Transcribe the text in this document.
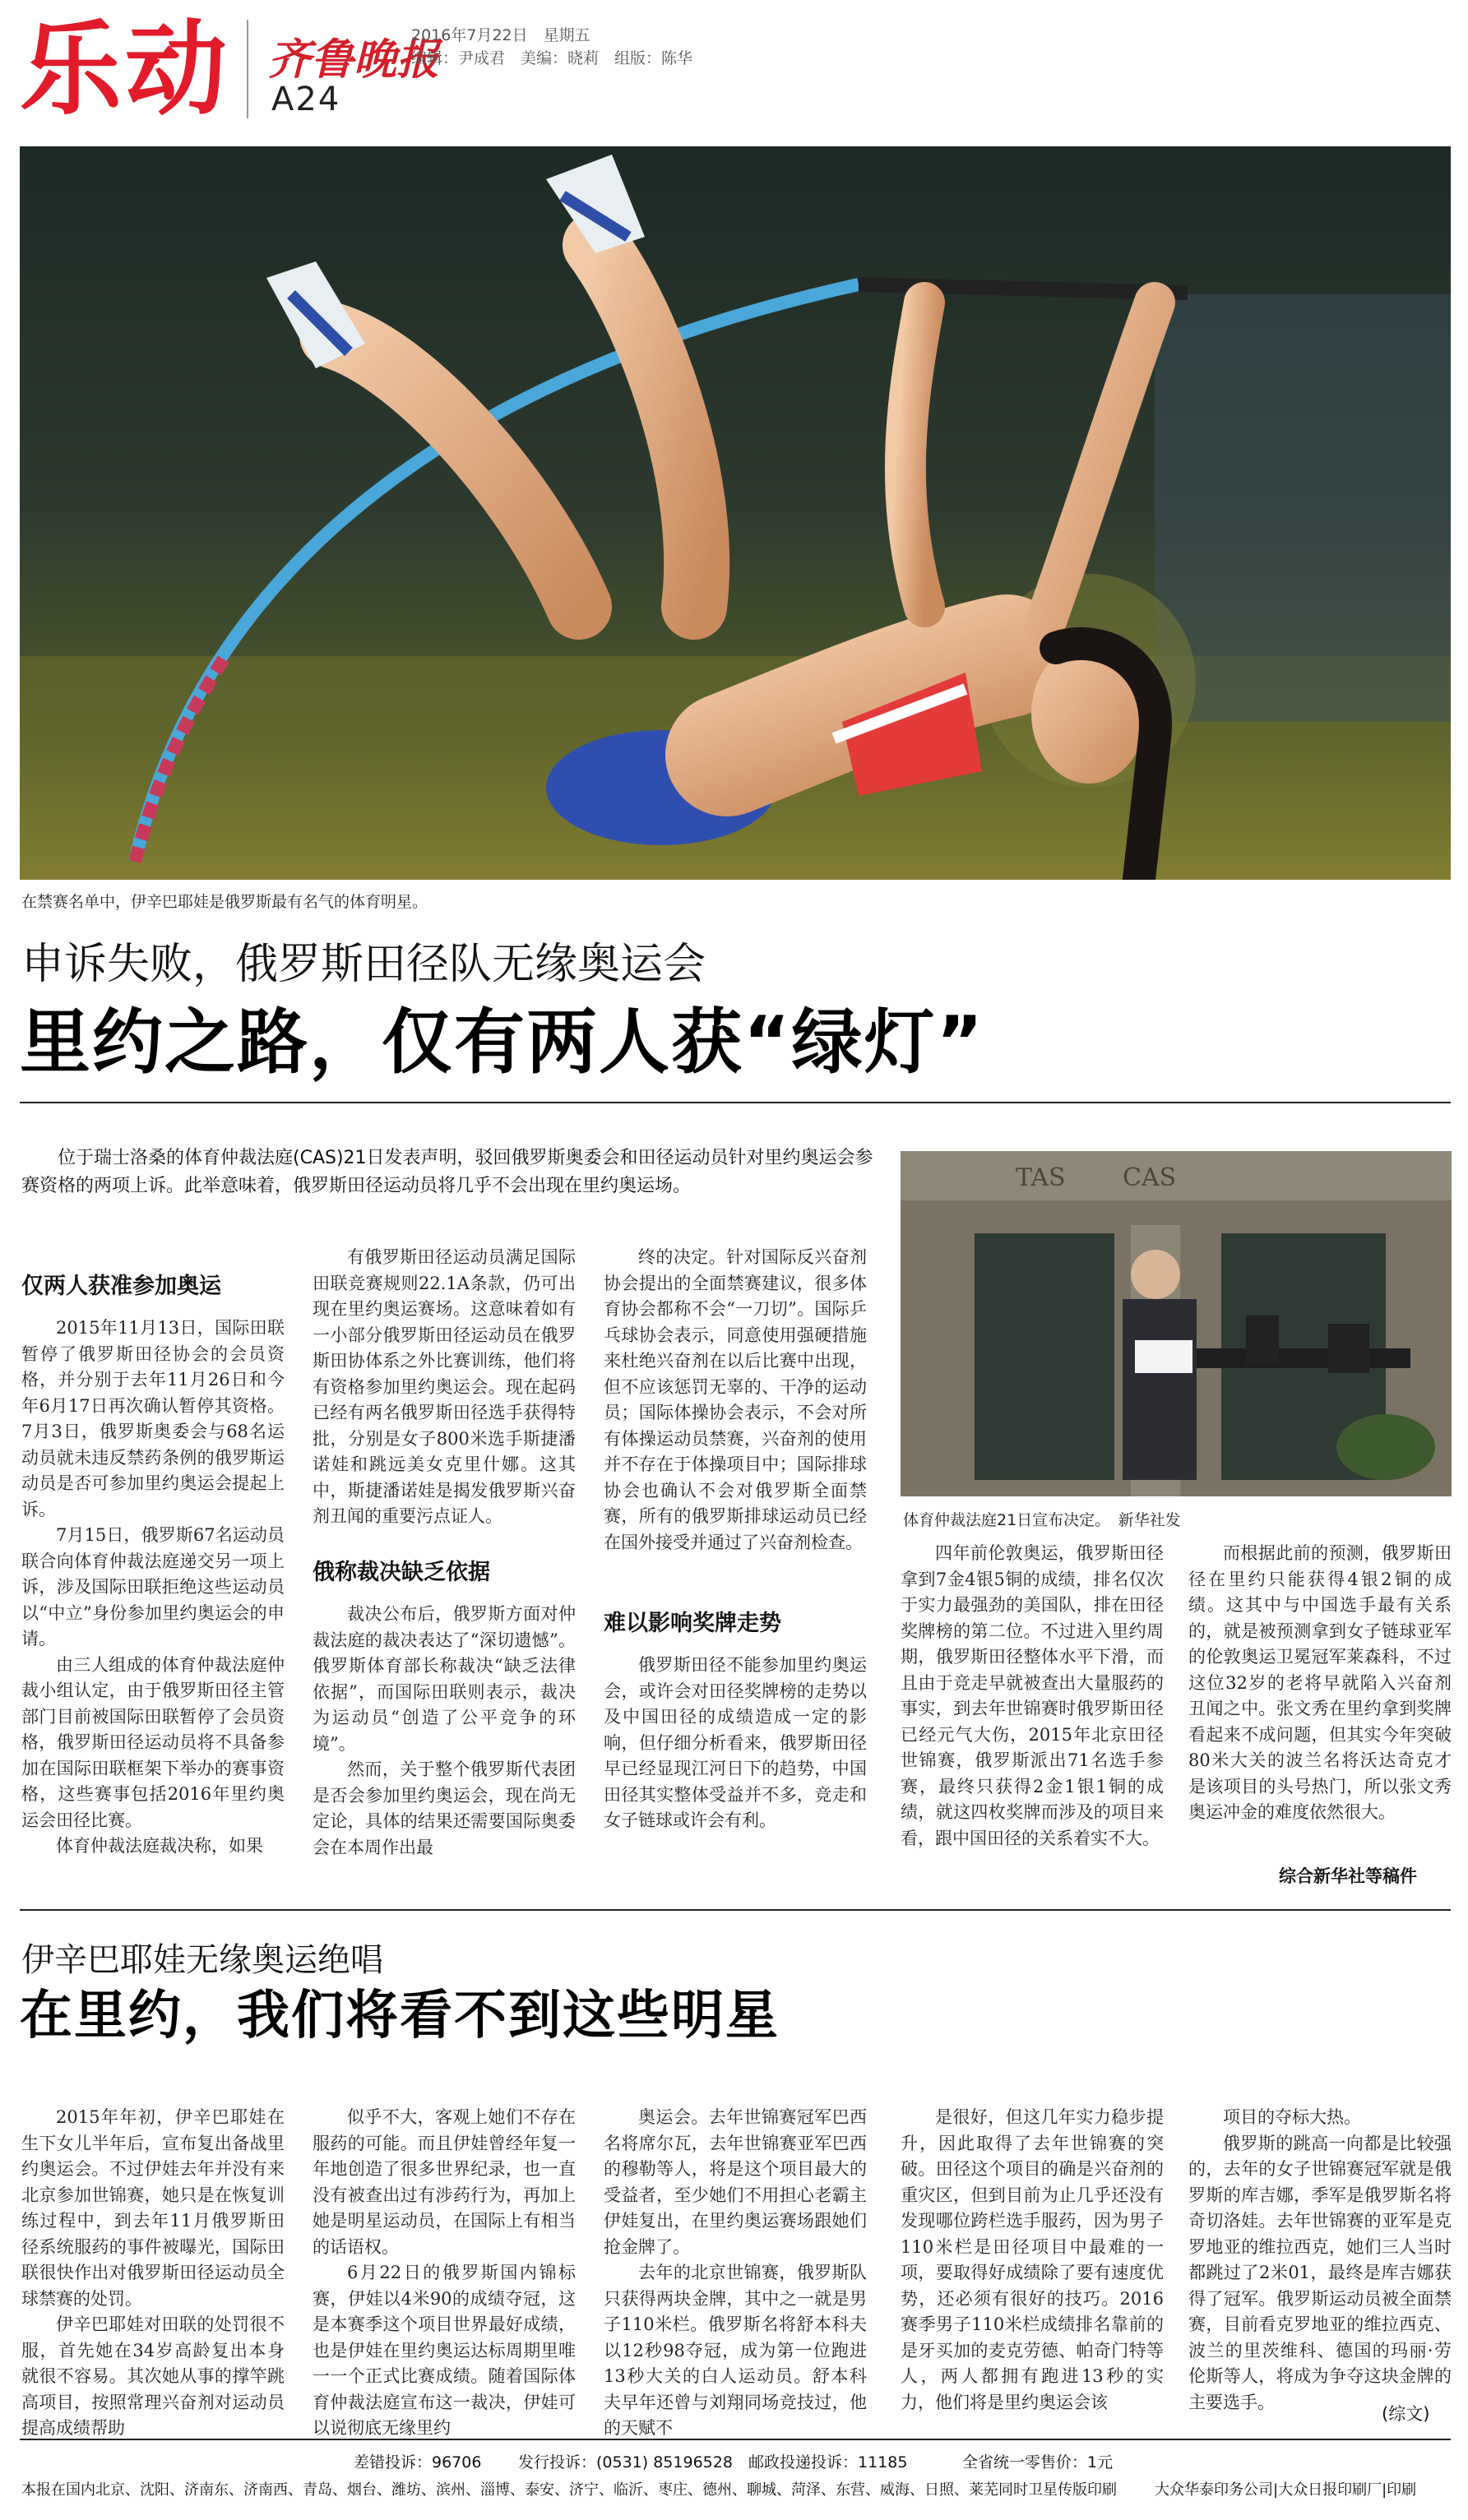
乐动 齐鲁晚报
A24
2016年7月22日　星期五
编辑：尹成君　美编：晓莉　组版：陈华
在禁赛名单中，伊辛巴耶娃是俄罗斯最有名气的体育明星。
申诉失败，俄罗斯田径队无缘奥运会
里约之路，仅有两人获“绿灯”
位于瑞士洛桑的体育仲裁法庭(CAS)21日发表声明，驳回俄罗斯奥委会和田径运动员针对里约奥运会参赛资格的两项上诉。此举意味着，俄罗斯田径运动员将几乎不会出现在里约奥运场。	TAS CAS
体育仲裁法庭21日宣布决定。　新华社发
仅两人获准参加奥运

2015年11月13日，国际田联暂停了俄罗斯田径协会的会员资格，并分别于去年11月26日和今年6月17日再次确认暂停其资格。7月3日，俄罗斯奥委会与68名运动员就未违反禁药条例的俄罗斯运动员是否可参加里约奥运会提起上诉。

7月15日，俄罗斯67名运动员联合向体育仲裁法庭递交另一项上诉，涉及国际田联拒绝这些运动员以“中立”身份参加里约奥运会的申请。

由三人组成的体育仲裁法庭仲裁小组认定，由于俄罗斯田径主管部门目前被国际田联暂停了会员资格，俄罗斯田径运动员将不具备参加在国际田联框架下举办的赛事资格，这些赛事包括2016年里约奥运会田径比赛。

体育仲裁法庭裁决称，如果

有俄罗斯田径运动员满足国际田联竞赛规则22.1A条款，仍可出现在里约奥运赛场。这意味着如有一小部分俄罗斯田径运动员在俄罗斯田协体系之外比赛训练，他们将有资格参加里约奥运会。现在起码已经有两名俄罗斯田径选手获得特批，分别是女子800米选手斯捷潘诺娃和跳远美女克里什娜。这其中，斯捷潘诺娃是揭发俄罗斯兴奋剂丑闻的重要污点证人。

俄称裁决缺乏依据

裁决公布后，俄罗斯方面对仲裁法庭的裁决表达了“深切遗憾”。俄罗斯体育部长称裁决“缺乏法律依据”，而国际田联则表示，裁决为运动员“创造了公平竞争的环境”。

然而，关于整个俄罗斯代表团是否会参加里约奥运会，现在尚无定论，具体的结果还需要国际奥委会在本周作出最

终的决定。针对国际反兴奋剂协会提出的全面禁赛建议，很多体育协会都称不会“一刀切”。国际乒乓球协会表示，同意使用强硬措施来杜绝兴奋剂在以后比赛中出现，但不应该惩罚无辜的、干净的运动员；国际体操协会表示，不会对所有体操运动员禁赛，兴奋剂的使用并不存在于体操项目中；国际排球协会也确认不会对俄罗斯全面禁赛，所有的俄罗斯排球运动员已经在国外接受并通过了兴奋剂检查。

难以影响奖牌走势

俄罗斯田径不能参加里约奥运会，或许会对田径奖牌榜的走势以及中国田径的成绩造成一定的影响，但仔细分析看来，俄罗斯田径早已经显现江河日下的趋势，中国田径其实整体受益并不多，竞走和女子链球或许会有利。

四年前伦敦奥运，俄罗斯田径拿到7金4银5铜的成绩，排名仅次于实力最强劲的美国队，排在田径奖牌榜的第二位。不过进入里约周期，俄罗斯田径整体水平下滑，而且由于竞走早就被查出大量服药的事实，到去年世锦赛时俄罗斯田径已经元气大伤，2015年北京田径世锦赛，俄罗斯派出71名选手参赛，最终只获得2金1银1铜的成绩，就这四枚奖牌而涉及的项目来看，跟中国田径的关系着实不大。

而根据此前的预测，俄罗斯田径在里约只能获得4银2铜的成绩。这其中与中国选手最有关系的，就是被预测拿到女子链球亚军的伦敦奥运卫冕冠军莱森科，不过这位32岁的老将早就陷入兴奋剂丑闻之中。张文秀在里约拿到奖牌看起来不成问题，但其实今年突破80米大关的波兰名将沃达奇克才是该项目的头号热门，所以张文秀奥运冲金的难度依然很大。

综合新华社等稿件
伊辛巴耶娃无缘奥运绝唱
在里约，我们将看不到这些明星

2015年年初，伊辛巴耶娃在生下女儿半年后，宣布复出备战里约奥运会。不过伊娃去年并没有来北京参加世锦赛，她只是在恢复训练过程中，到去年11月俄罗斯田径系统服药的事件被曝光，国际田联很快作出对俄罗斯田径运动员全球禁赛的处罚。

伊辛巴耶娃对田联的处罚很不服，首先她在34岁高龄复出本身就很不容易。其次她从事的撑竿跳高项目，按照常理兴奋剂对运动员提高成绩帮助

似乎不大，客观上她们不存在服药的可能。而且伊娃曾经年复一年地创造了很多世界纪录，也一直没有被查出过有涉药行为，再加上她是明星运动员，在国际上有相当的话语权。

6月22日的俄罗斯国内锦标赛，伊娃以4米90的成绩夺冠，这是本赛季这个项目世界最好成绩，也是伊娃在里约奥运达标周期里唯一一个正式比赛成绩。随着国际体育仲裁法庭宣布这一裁决，伊娃可以说彻底无缘里约

奥运会。去年世锦赛冠军巴西名将席尔瓦，去年世锦赛亚军巴西的穆勒等人，将是这个项目最大的受益者，至少她们不用担心老霸主伊娃复出，在里约奥运赛场跟她们抢金牌了。

去年的北京世锦赛，俄罗斯队只获得两块金牌，其中之一就是男子110米栏。俄罗斯名将舒本科夫以12秒98夺冠，成为第一位跑进13秒大关的白人运动员。舒本科夫早年还曾与刘翔同场竞技过，他的天赋不

是很好，但这几年实力稳步提升，因此取得了去年世锦赛的突破。田径这个项目的确是兴奋剂的重灾区，但到目前为止几乎还没有发现哪位跨栏选手服药，因为男子110米栏是田径项目中最难的一项，要取得好成绩除了要有速度优势，还必须有很好的技巧。2016赛季男子110米栏成绩排名靠前的是牙买加的麦克劳德、帕奇门特等人，两人都拥有跑进13秒的实力，他们将是里约奥运会该

项目的夺标大热。

俄罗斯的跳高一向都是比较强的，去年的女子世锦赛冠军就是俄罗斯的库吉娜，季军是俄罗斯名将奇切洛娃。去年世锦赛的亚军是克罗地亚的维拉西克，她们三人当时都跳过了2米01，最终是库吉娜获得了冠军。俄罗斯运动员被全面禁赛，目前看克罗地亚的维拉西克、波兰的里茨维科、德国的玛丽·劳伦斯等人，将成为争夺这块金牌的主要选手。

(综文)
差错投诉：96706 发行投诉：(0531) 85196528 邮政投递投诉：11185	全省统一零售价：1元
本报在国内北京、沈阳、济南东、济南西、青岛、烟台、潍坊、滨州、淄博、泰安、济宁、临沂、枣庄、德州、聊城、菏泽、东营、威海、日照、莱芜同时卫星传版印刷	大众华泰印务公司|大众日报印刷厂|印刷
